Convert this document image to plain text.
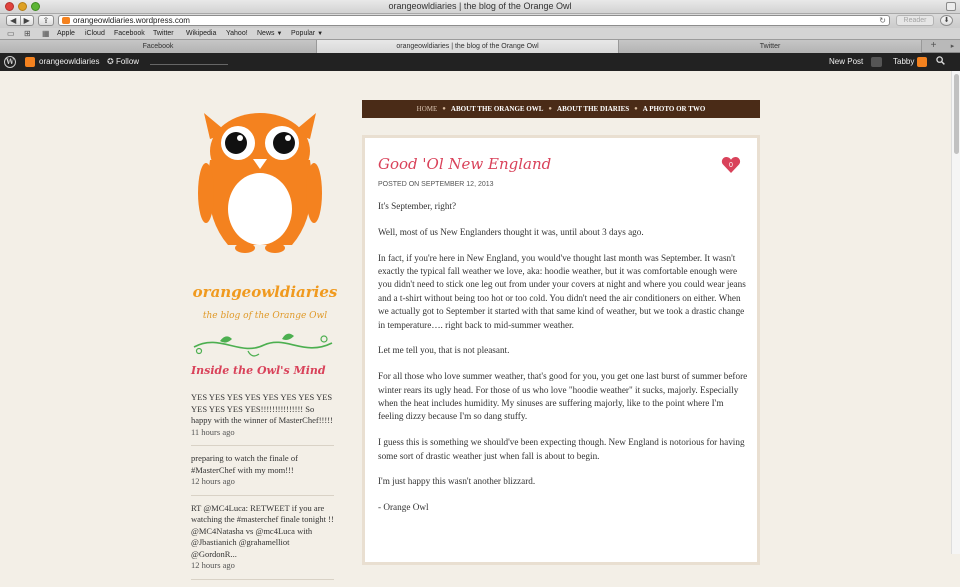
orangeowldiaries | the blog of the Orange Owl
◀ ▶	⇪	orangeowldiaries.wordpress.com	↻	Reader	⬇
▭ ⊞ ▦ Apple iCloud Facebook Twitter Wikipedia Yahoo! News ▼ Popular ▼
Facebook	orangeowldiaries | the blog of the Orange Owl	Twitter	+	▸
W	orangeowldiaries ✪ Follow	New Post	Tabby
orangeowldiaries
the blog of the Orange Owl
Inside the Owl's Mind
YES YES YES YES YES YES YES YES YES YES YES YES!!!!!!!!!!!!!!! So happy with the winner of MasterChef!!!!!
11 hours ago
preparing to watch the finale of #MasterChef with my mom!!!
12 hours ago
RT @MC4Luca: RETWEET if you are watching the #masterchef finale tonight !! @MC4Natasha vs @mc4Luca with @Jbastianich @grahamelliot @GordonR...
12 hours ago
HOME ● ABOUT THE ORANGE OWL ● ABOUT THE DIARIES ● A PHOTO OR TWO
Good 'Ol New England	0
POSTED ON SEPTEMBER 12, 2013

It's September, right?

Well, most of us New Englanders thought it was, until about 3 days ago.

In fact, if you're here in New England, you would've thought last month was September. It wasn't exactly the typical fall weather we love, aka: hoodie weather, but it was comfortable enough were you didn't need to stick one leg out from under your covers at night and where you could wear jeans and a t-shirt without being too hot or too cold. You didn't need the air conditioners on either. When we actually got to September it started with that same kind of weather, but we took a drastic change in temperature…. right back to mid-summer weather.

Let me tell you, that is not pleasant.

For all those who love summer weather, that's good for you, you get one last burst of summer before winter rears its ugly head. For those of us who love "hoodie weather" it sucks, majorly. Especially when the heat includes humidity. My sinuses are suffering majorly, like to the point where I'm feeling dizzy because I'm so dang stuffy.

I guess this is something we should've been expecting though. New England is notorious for having some sort of drastic weather just when fall is about to begin.

I'm just happy this wasn't another blizzard.

- Orange Owl
